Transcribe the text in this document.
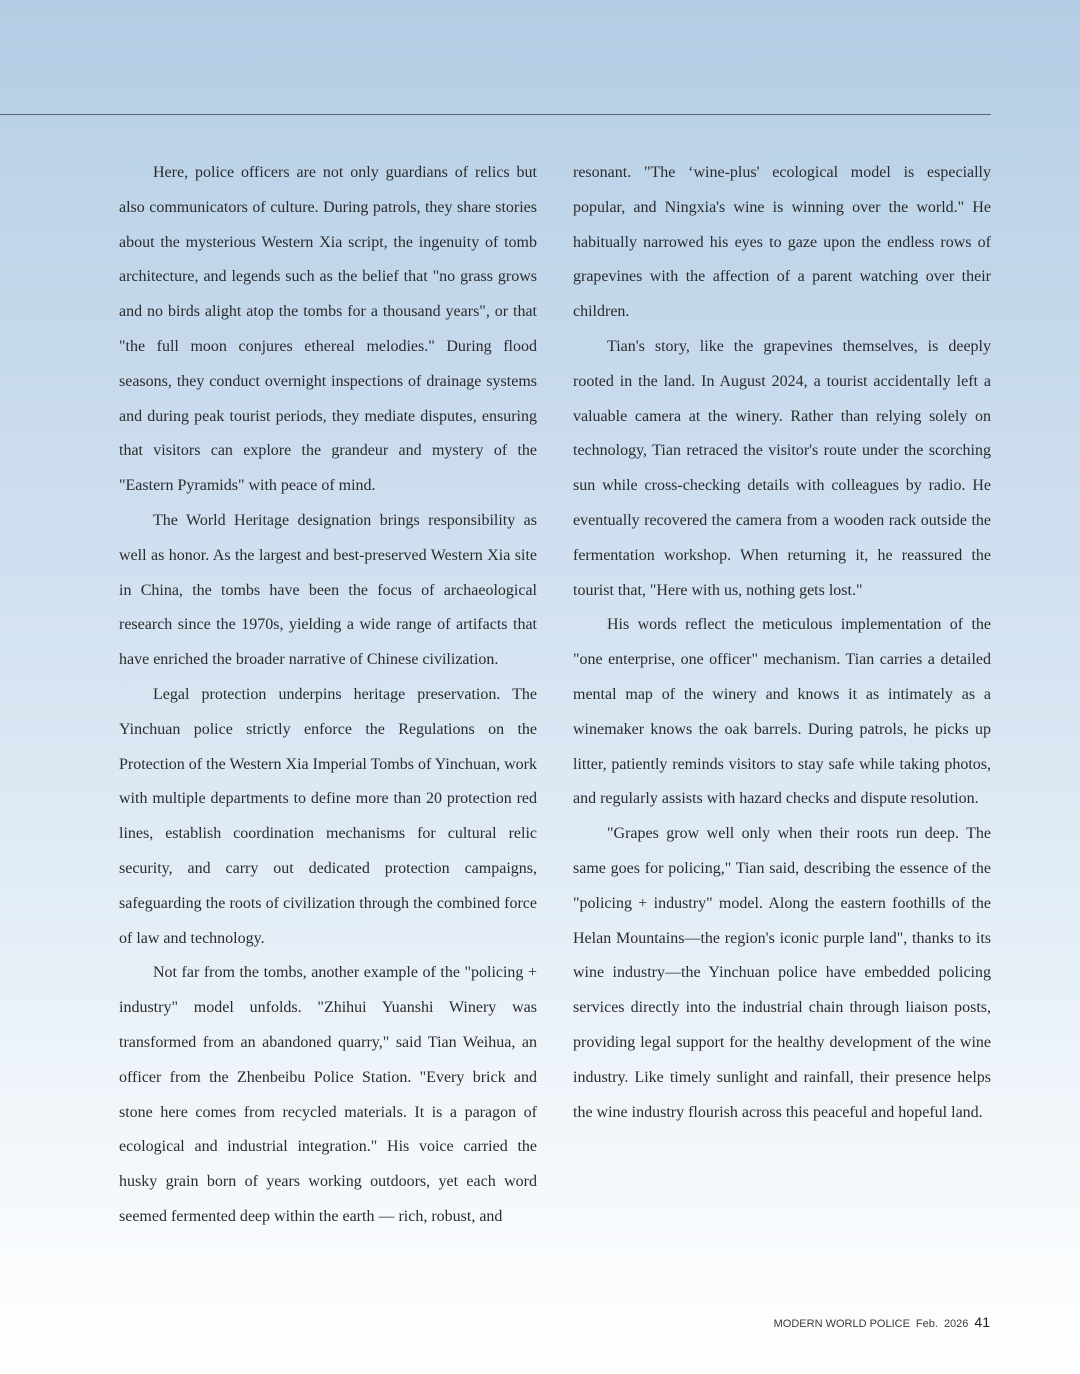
Here, police officers are not only guardians of relics but also communicators of culture. During patrols, they share stories about the mysterious Western Xia script, the ingenuity of tomb architecture, and legends such as the belief that "no grass grows and no birds alight atop the tombs for a thousand years", or that "the full moon conjures ethereal melodies." During flood seasons, they conduct overnight inspections of drainage systems and during peak tourist periods, they mediate disputes, ensuring that visitors can explore the grandeur and mystery of the "Eastern Pyramids" with peace of mind.

The World Heritage designation brings responsibility as well as honor. As the largest and best-preserved Western Xia site in China, the tombs have been the focus of archaeological research since the 1970s, yielding a wide range of artifacts that have enriched the broader narrative of Chinese civilization.

Legal protection underpins heritage preservation. The Yinchuan police strictly enforce the Regulations on the Protection of the Western Xia Imperial Tombs of Yinchuan, work with multiple departments to define more than 20 protection red lines, establish coordination mechanisms for cultural relic security, and carry out dedicated protection campaigns, safeguarding the roots of civilization through the combined force of law and technology.

Not far from the tombs, another example of the "policing + industry" model unfolds. "Zhihui Yuanshi Winery was transformed from an abandoned quarry," said Tian Weihua, an officer from the Zhenbeibu Police Station. "Every brick and stone here comes from recycled materials. It is a paragon of ecological and industrial integration." His voice carried the husky grain born of years working outdoors, yet each word seemed fermented deep within the earth — rich, robust, and

resonant. "The ‘wine-plus' ecological model is especially popular, and Ningxia's wine is winning over the world." He habitually narrowed his eyes to gaze upon the endless rows of grapevines with the affection of a parent watching over their children.

Tian's story, like the grapevines themselves, is deeply rooted in the land. In August 2024, a tourist accidentally left a valuable camera at the winery. Rather than relying solely on technology, Tian retraced the visitor's route under the scorching sun while cross-checking details with colleagues by radio. He eventually recovered the camera from a wooden rack outside the fermentation workshop. When returning it, he reassured the tourist that, "Here with us, nothing gets lost."

His words reflect the meticulous implementation of the "one enterprise, one officer" mechanism. Tian carries a detailed mental map of the winery and knows it as intimately as a winemaker knows the oak barrels. During patrols, he picks up litter, patiently reminds visitors to stay safe while taking photos, and regularly assists with hazard checks and dispute resolution.

"Grapes grow well only when their roots run deep. The same goes for policing," Tian said, describing the essence of the "policing + industry" model. Along the eastern foothills of the Helan Mountains—the region's iconic purple land", thanks to its wine industry—the Yinchuan police have embedded policing services directly into the industrial chain through liaison posts, providing legal support for the healthy development of the wine industry. Like timely sunlight and rainfall, their presence helps the wine industry flourish across this peaceful and hopeful land.

MODERN WORLD POLICE Feb. 2026 41
